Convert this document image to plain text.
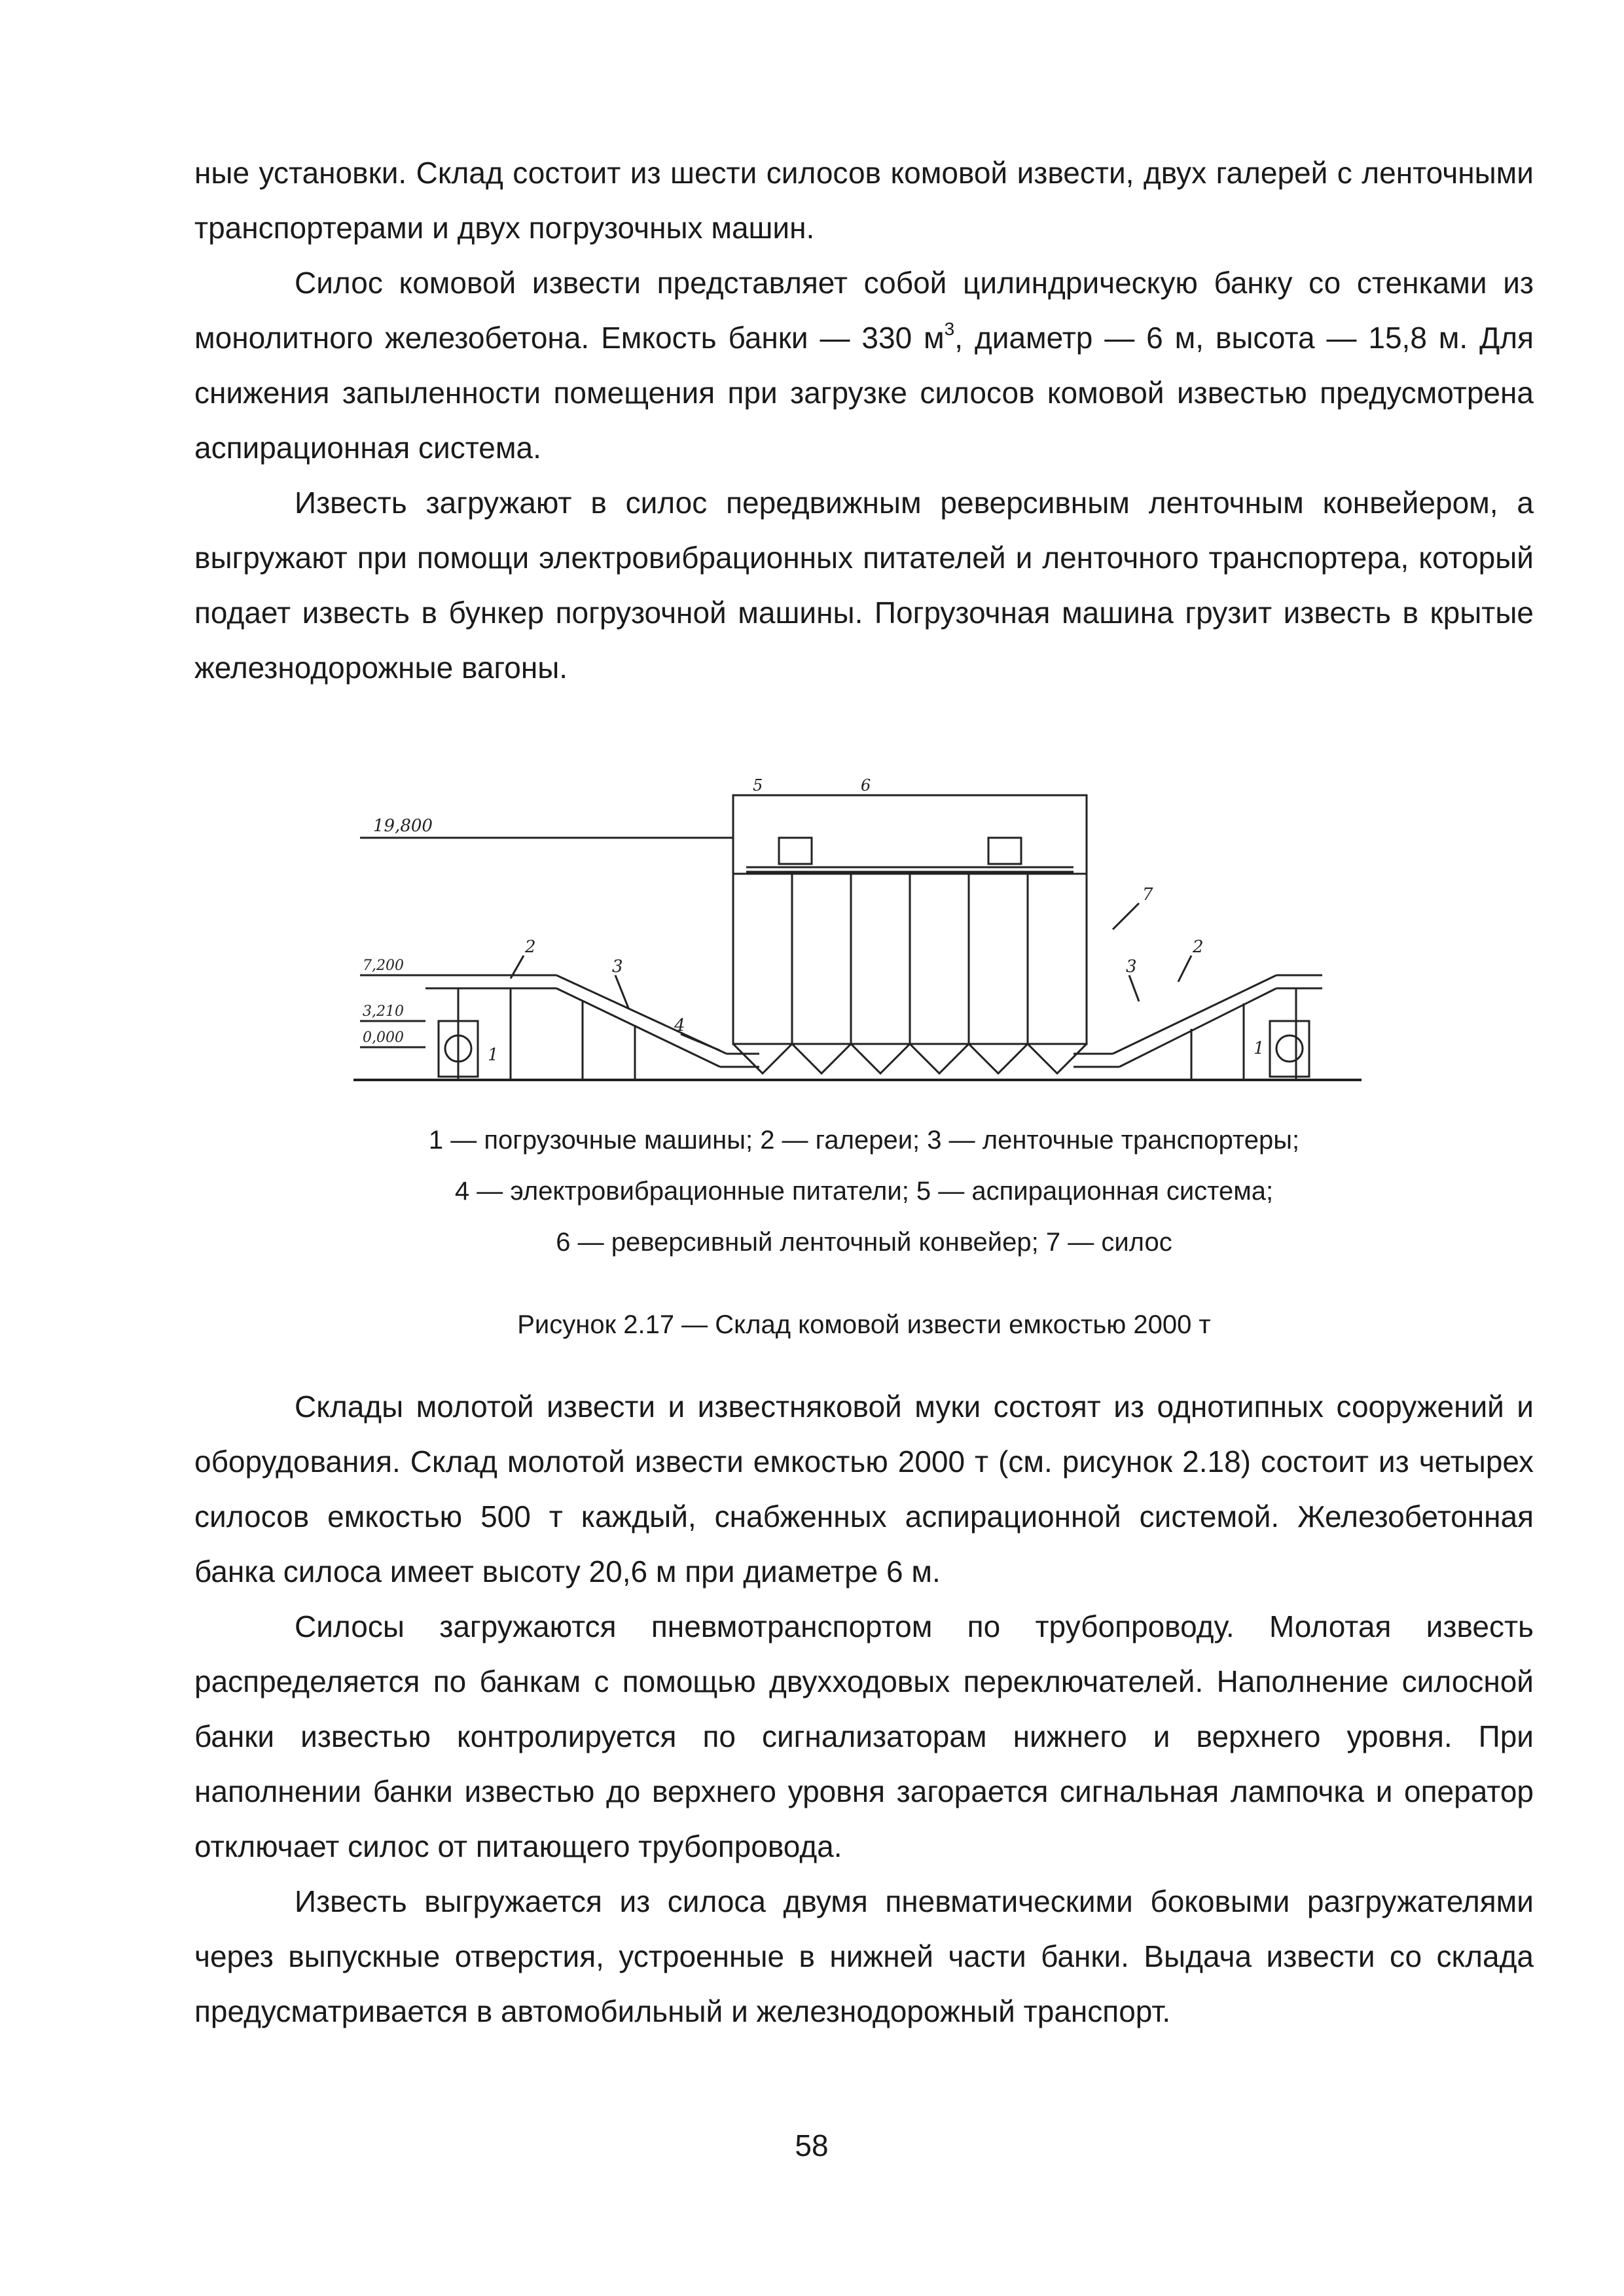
ные установки. Склад состоит из шести силосов комовой извести, двух галерей с ленточными транспортерами и двух погрузочных машин.

Силос комовой извести представляет собой цилиндрическую банку со стенками из монолитного железобетона. Емкость банки — 330 $м^3$, диаметр — 6 м, высота — 15,8 м. Для снижения запыленности помещения при загрузке силосов комовой известью предусмотрена аспирационная система.

Известь загружают в силос передвижным реверсивным ленточным конвейером, а выгружают при помощи электровибрационных питателей и ленточного транспортера, который подает известь в бункер погрузочной машины. Погрузочная машина грузит известь в крытые железнодорожные вагоны.

19,800
7,200
3,210
0,000
1	1
2	2
3	3
4
5	6
7

1 — погрузочные машины; 2 — галереи; 3 — ленточные транспортеры;

4 — электровибрационные питатели; 5 — аспирационная система;

6 — реверсивный ленточный конвейер; 7 — силос

Рисунок 2.17 — Склад комовой извести емкостью 2000 т

Склады молотой извести и известняковой муки состоят из однотипных сооружений и оборудования. Склад молотой извести емкостью 2000 т (см. рисунок 2.18) состоит из четырех силосов емкостью 500 т каждый, снабженных аспирационной системой. Железобетонная банка силоса имеет высоту 20,6 м при диаметре 6 м.

Силосы загружаются пневмотранспортом по трубопроводу. Молотая известь распределяется по банкам с помощью двухходовых переключателей. Наполнение силосной банки известью контролируется по сигнализаторам нижнего и верхнего уровня. При наполнении банки известью до верхнего уровня загорается сигнальная лампочка и оператор отключает силос от питающего трубопровода.

Известь выгружается из силоса двумя пневматическими боковыми разгружателями через выпускные отверстия, устроенные в нижней части банки. Выдача извести со склада предусматривается в автомобильный и железнодорожный транспорт.

58
